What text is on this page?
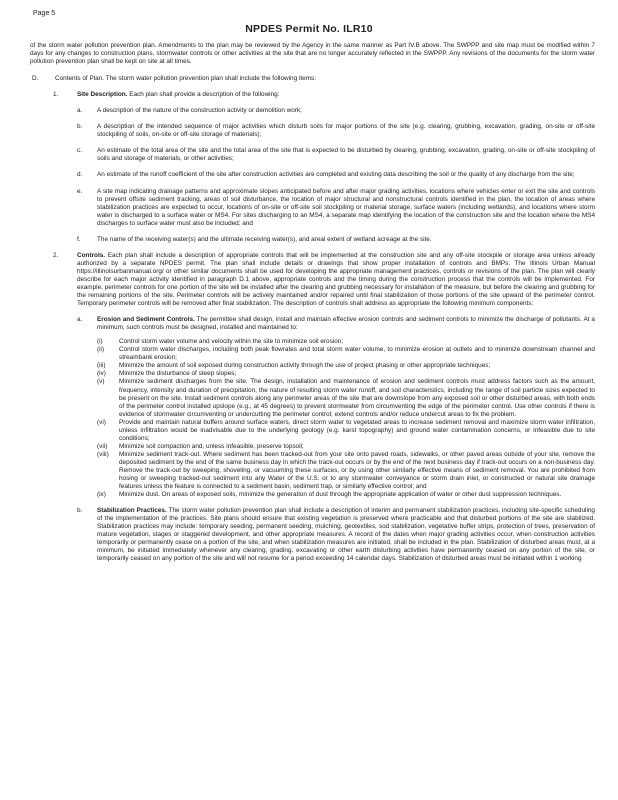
Page 5
NPDES Permit No. ILR10

of the storm water pollution prevention plan. Amendments to the plan may be reviewed by the Agency in the same manner as Part IV.B above. The SWPPP and site map must be modified within 7 days for any changes to construction plans, stormwater controls or other activities at the site that are no longer accurately reflected in the SWPPP. Any revisions of the documents for the storm water pollution prevention plan shall be kept on site at all times.

D.	Contents of Plan. The storm water pollution prevention plan shall include the following items:
1.	Site Description. Each plan shall provide a description of the following:
a.	A description of the nature of the construction activity or demolition work;
b.	A description of the intended sequence of major activities which disturb soils for major portions of the site (e.g. clearing, grubbing, excavation, grading, on-site or off-site stockpiling of soils, on-site or off-site storage of materials);
c.	An estimate of the total area of the site and the total area of the site that is expected to be disturbed by clearing, grubbing, excavation, grading, on-site or off-site stockpiling of soils and storage of materials, or other activities;
d.	An estimate of the runoff coefficient of the site after construction activities are completed and existing data describing the soil or the quality of any discharge from the site;
e.	A site map indicating drainage patterns and approximate slopes anticipated before and after major grading activities, locations where vehicles enter or exit the site and controls to prevent offsite sediment tracking, areas of soil disturbance, the location of major structural and nonstructural controls identified in the plan, the location of areas where stabilization practices are expected to occur, locations of on-site or off-site soil stockpiling or material storage, surface waters (including wetlands), and locations where storm water is discharged to a surface water or MS4. For sites discharging to an MS4, a separate map identifying the location of the construction site and the location where the MS4 discharges to surface water must also be included; and
f.	The name of the receiving water(s) and the ultimate receiving water(s), and areal extent of wetland acreage at the site.
2.	Controls. Each plan shall include a description of appropriate controls that will be implemented at the construction site and any off-site stockpile or storage area unless already authorized by a separate NPDES permit. The plan shall include details or drawings that show proper installation of controls and BMPs. The Illinois Urban Manual https://illinoisurbanmanual.org/ or other similar documents shall be used for developing the appropriate management practices, controls or revisions of the plan. The plan will clearly describe for each major activity identified in paragraph D.1 above, appropriate controls and the timing during the construction process that the controls will be implemented. For example, perimeter controls for one portion of the site will be installed after the clearing and grubbing necessary for installation of the measure, but before the clearing and grubbing for the remaining portions of the site. Perimeter controls will be actively maintained and/or repaired until final stabilization of those portions of the site upward of the perimeter control. Temporary perimeter controls will be removed after final stabilization. The description of controls shall address as appropriate the following minimum components:
a.	Erosion and Sediment Controls. The permittee shall design, install and maintain effective erosion controls and sediment controls to minimize the discharge of pollutants. At a minimum, such controls must be designed, installed and maintained to:
(i)	Control storm water volume and velocity within the site to minimize soil erosion;
(ii)	Control storm water discharges, including both peak flowrates and total storm water volume, to minimize erosion at outlets and to minimize downstream channel and streambank erosion;
(iii)	Minimize the amount of soil exposed during construction activity through the use of project phasing or other appropriate techniques;
(iv)	Minimize the disturbance of steep slopes;
(v)	Minimize sediment discharges from the site. The design, installation and maintenance of erosion and sediment controls must address factors such as the amount, frequency, intensity and duration of precipitation, the nature of resulting storm water runoff, and soil characteristics, including the range of soil particle sizes expected to be present on the site. Install sediment controls along any perimeter areas of the site that are downslope from any exposed soil or other disturbed areas, with both ends of the perimeter control installed upslope (e.g., at 45 degrees) to prevent stormwater from circumventing the edge of the perimeter control. Use other controls if there is evidence of stormwater circumventing or undercutting the perimeter control; extend controls and/or reduce undercut areas to fix the problem.
(vi)	Provide and maintain natural buffers around surface waters, direct storm water to vegetated areas to increase sediment removal and maximize storm water infiltration, unless infiltration would be inadvisable due to the underlying geology (e.g. karst topography) and ground water contamination concerns, or infeasible due to site conditions;
(vii)	Minimize soil compaction and, unless infeasible, preserve topsoil;
(viii)	Minimize sediment track-out. Where sediment has been tracked-out from your site onto paved roads, sidewalks, or other paved areas outside of your site, remove the deposited sediment by the end of the same business day in which the track-out occurs or by the end of the next business day if track-out occurs on a non-business day. Remove the track-out by sweeping, shoveling, or vacuuming these surfaces, or by using other similarly effective means of sediment removal. You are prohibited from hosing or sweeping tracked-out sediment into any Water of the U.S. or to any stormwater conveyance or storm drain inlet, or constructed or natural site drainage features unless the feature is connected to a sediment basin, sediment trap, or similarly effective control; and
(ix)	Minimize dust. On areas of exposed soils, minimize the generation of dust through the appropriate application of water or other dust suppression techniques.
b.	Stabilization Practices. The storm water pollution prevention plan shall include a description of interim and permanent stabilization practices, including site-specific scheduling of the implementation of the practices. Site plans should ensure that existing vegetation is preserved where practicable and that disturbed portions of the site are stabilized. Stabilization practices may include: temporary seeding, permanent seeding, mulching, geotextiles, sod stabilization, vegetative buffer strips, protection of trees, preservation of mature vegetation, stages or staggered development, and other appropriate measures. A record of the dates when major grading activities occur, when construction activities temporarily or permanently cease on a portion of the site, and when stabilization measures are initiated, shall be included in the plan. Stabilization of disturbed areas must, at a minimum, be initiated immediately whenever any clearing, grading, excavating or other earth disturbing activities have permanently ceased on any portion of the site, or temporarily ceased on any portion of the site and will not resume for a period exceeding 14 calendar days. Stabilization of disturbed areas must be initiated within 1 working
